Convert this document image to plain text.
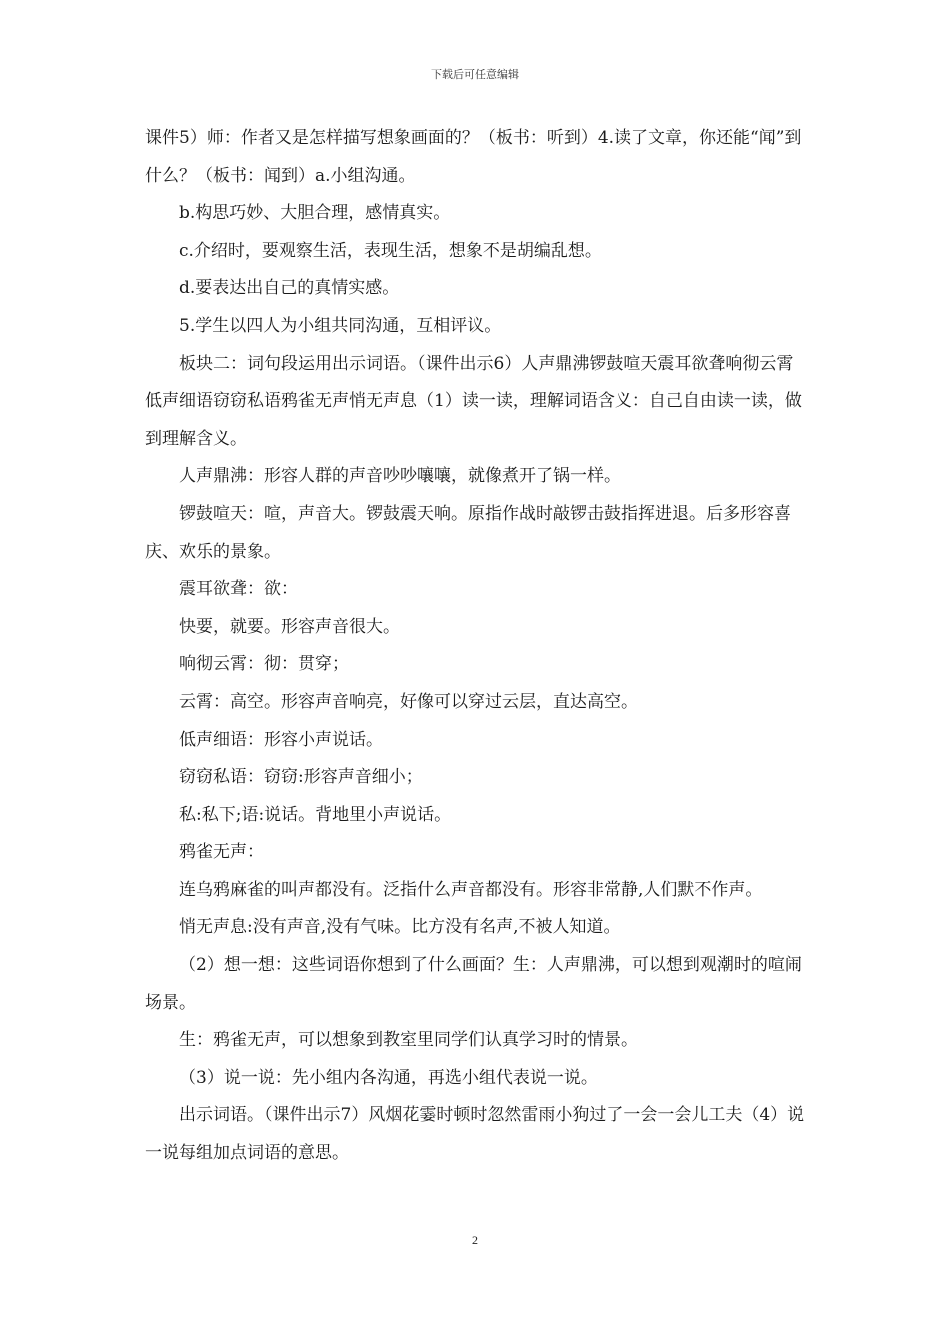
下载后可任意编辑

课件5）师：作者又是怎样描写想象画面的？（板书：听到）4.读了文章，你还能“闻”到什么？（板书：闻到）a.小组沟通。

b.构思巧妙、大胆合理，感情真实。

c.介绍时，要观察生活，表现生活，想象不是胡编乱想。

d.要表达出自己的真情实感。

5.学生以四人为小组共同沟通，互相评议。

板块二：词句段运用出示词语。（课件出示6）人声鼎沸锣鼓喧天震耳欲聋响彻云霄低声细语窃窃私语鸦雀无声悄无声息（1）读一读，理解词语含义：自己自由读一读，做到理解含义。

人声鼎沸：形容人群的声音吵吵嚷嚷，就像煮开了锅一样。

锣鼓喧天：喧，声音大。锣鼓震天响。原指作战时敲锣击鼓指挥进退。后多形容喜庆、欢乐的景象。

震耳欲聋：欲：

快要，就要。形容声音很大。

响彻云霄：彻：贯穿；

云霄：高空。形容声音响亮，好像可以穿过云层，直达高空。

低声细语：形容小声说话。

窃窃私语：窃窃:形容声音细小；

私:私下;语:说话。背地里小声说话。

鸦雀无声：

连乌鸦麻雀的叫声都没有。泛指什么声音都没有。形容非常静,人们默不作声。

悄无声息:没有声音,没有气味。比方没有名声,不被人知道。

（2）想一想：这些词语你想到了什么画面？生：人声鼎沸，可以想到观潮时的喧闹场景。

生：鸦雀无声，可以想象到教室里同学们认真学习时的情景。

（3）说一说：先小组内各沟通，再选小组代表说一说。

出示词语。（课件出示7）风烟花霎时顿时忽然雷雨小狗过了一会一会儿工夫（4）说一说每组加点词语的意思。

2
